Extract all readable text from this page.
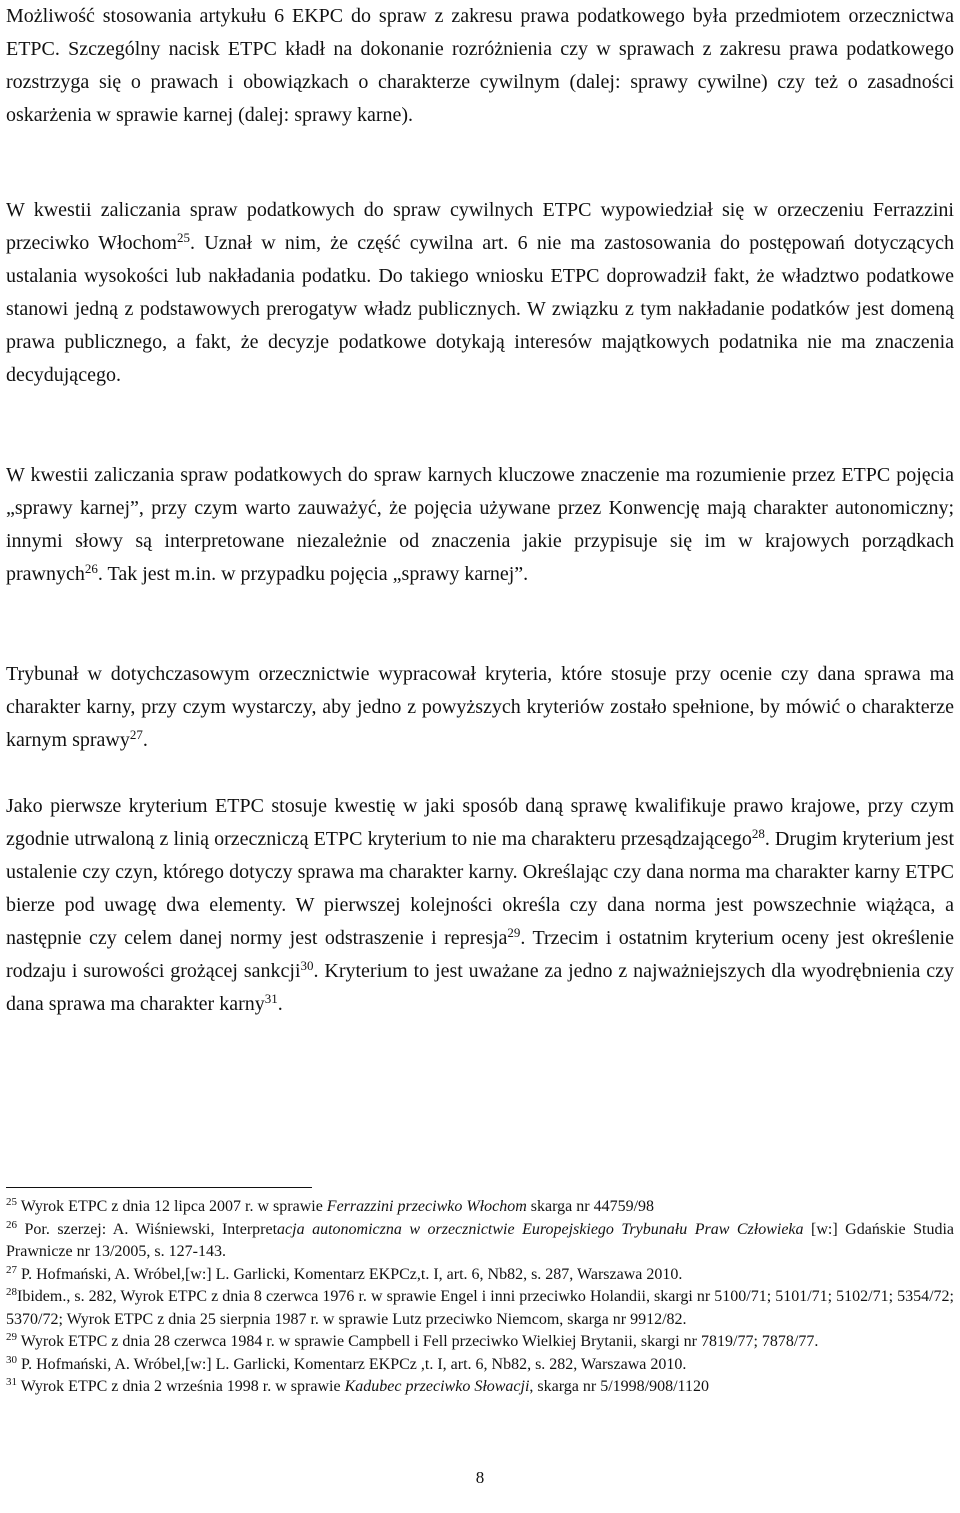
Możliwość stosowania artykułu 6 EKPC do spraw z zakresu prawa podatkowego była przedmiotem orzecznictwa ETPC. Szczególny nacisk ETPC kładł na dokonanie rozróżnienia czy w sprawach z zakresu prawa podatkowego rozstrzyga się o prawach i obowiązkach o charakterze cywilnym (dalej: sprawy cywilne) czy też o zasadności oskarżenia w sprawie karnej (dalej: sprawy karne).

W kwestii zaliczania spraw podatkowych do spraw cywilnych ETPC wypowiedział się w orzeczeniu Ferrazzini przeciwko Włochom$^{25}$. Uznał w nim, że część cywilna art. 6 nie ma zastosowania do postępowań dotyczących ustalania wysokości lub nakładania podatku. Do takiego wniosku ETPC doprowadził fakt, że władztwo podatkowe stanowi jedną z podstawowych prerogatyw władz publicznych. W związku z tym nakładanie podatków jest domeną prawa publicznego, a fakt, że decyzje podatkowe dotykają interesów majątkowych podatnika nie ma znaczenia decydującego.

W kwestii zaliczania spraw podatkowych do spraw karnych kluczowe znaczenie ma rozumienie przez ETPC pojęcia „sprawy karnej”, przy czym warto zauważyć, że pojęcia używane przez Konwencję mają charakter autonomiczny; innymi słowy są interpretowane niezależnie od znaczenia jakie przypisuje się im w krajowych porządkach prawnych$^{26}$. Tak jest m.in. w przypadku pojęcia „sprawy karnej”.

Trybunał w dotychczasowym orzecznictwie wypracował kryteria, które stosuje przy ocenie czy dana sprawa ma charakter karny, przy czym wystarczy, aby jedno z powyższych kryteriów zostało spełnione, by mówić o charakterze karnym sprawy$^{27}$.

Jako pierwsze kryterium ETPC stosuje kwestię w jaki sposób daną sprawę kwalifikuje prawo krajowe, przy czym zgodnie utrwaloną z linią orzeczniczą ETPC kryterium to nie ma charakteru przesądzającego$^{28}$. Drugim kryterium jest ustalenie czy czyn, którego dotyczy sprawa ma charakter karny. Określając czy dana norma ma charakter karny ETPC bierze pod uwagę dwa elementy. W pierwszej kolejności określa czy dana norma jest powszechnie wiążąca, a następnie czy celem danej normy jest odstraszenie i represja$^{29}$. Trzecim i ostatnim kryterium oceny jest określenie rodzaju i surowości grożącej sankcji$^{30}$. Kryterium to jest uważane za jedno z najważniejszych dla wyodrębnienia czy dana sprawa ma charakter karny$^{31}$.

$^{25}$ Wyrok ETPC z dnia 12 lipca 2007 r. w sprawie Ferrazzini przeciwko Włochom skarga nr 44759/98

$^{26}$ Por. szerzej: A. Wiśniewski, Interpretacja autonomiczna w orzecznictwie Europejskiego Trybunału Praw Człowieka [w:] Gdańskie Studia Prawnicze nr 13/2005, s. 127-143.

$^{27}$ P. Hofmański, A. Wróbel,[w:] L. Garlicki, Komentarz EKPCz,t. I, art. 6, Nb82, s. 287, Warszawa 2010.

$^{28}$Ibidem., s. 282, Wyrok ETPC z dnia 8 czerwca 1976 r. w sprawie Engel i inni przeciwko Holandii, skargi nr 5100/71; 5101/71; 5102/71; 5354/72; 5370/72; Wyrok ETPC z dnia 25 sierpnia 1987 r. w sprawie Lutz przeciwko Niemcom, skarga nr 9912/82.

$^{29}$ Wyrok ETPC z dnia 28 czerwca 1984 r. w sprawie Campbell i Fell przeciwko Wielkiej Brytanii, skargi nr 7819/77; 7878/77.

$^{30}$ P. Hofmański, A. Wróbel,[w:] L. Garlicki, Komentarz EKPCz ,t. I, art. 6, Nb82, s. 282, Warszawa 2010.

$^{31}$ Wyrok ETPC z dnia 2 września 1998 r. w sprawie Kadubec przeciwko Słowacji, skarga nr 5/1998/908/1120

8
